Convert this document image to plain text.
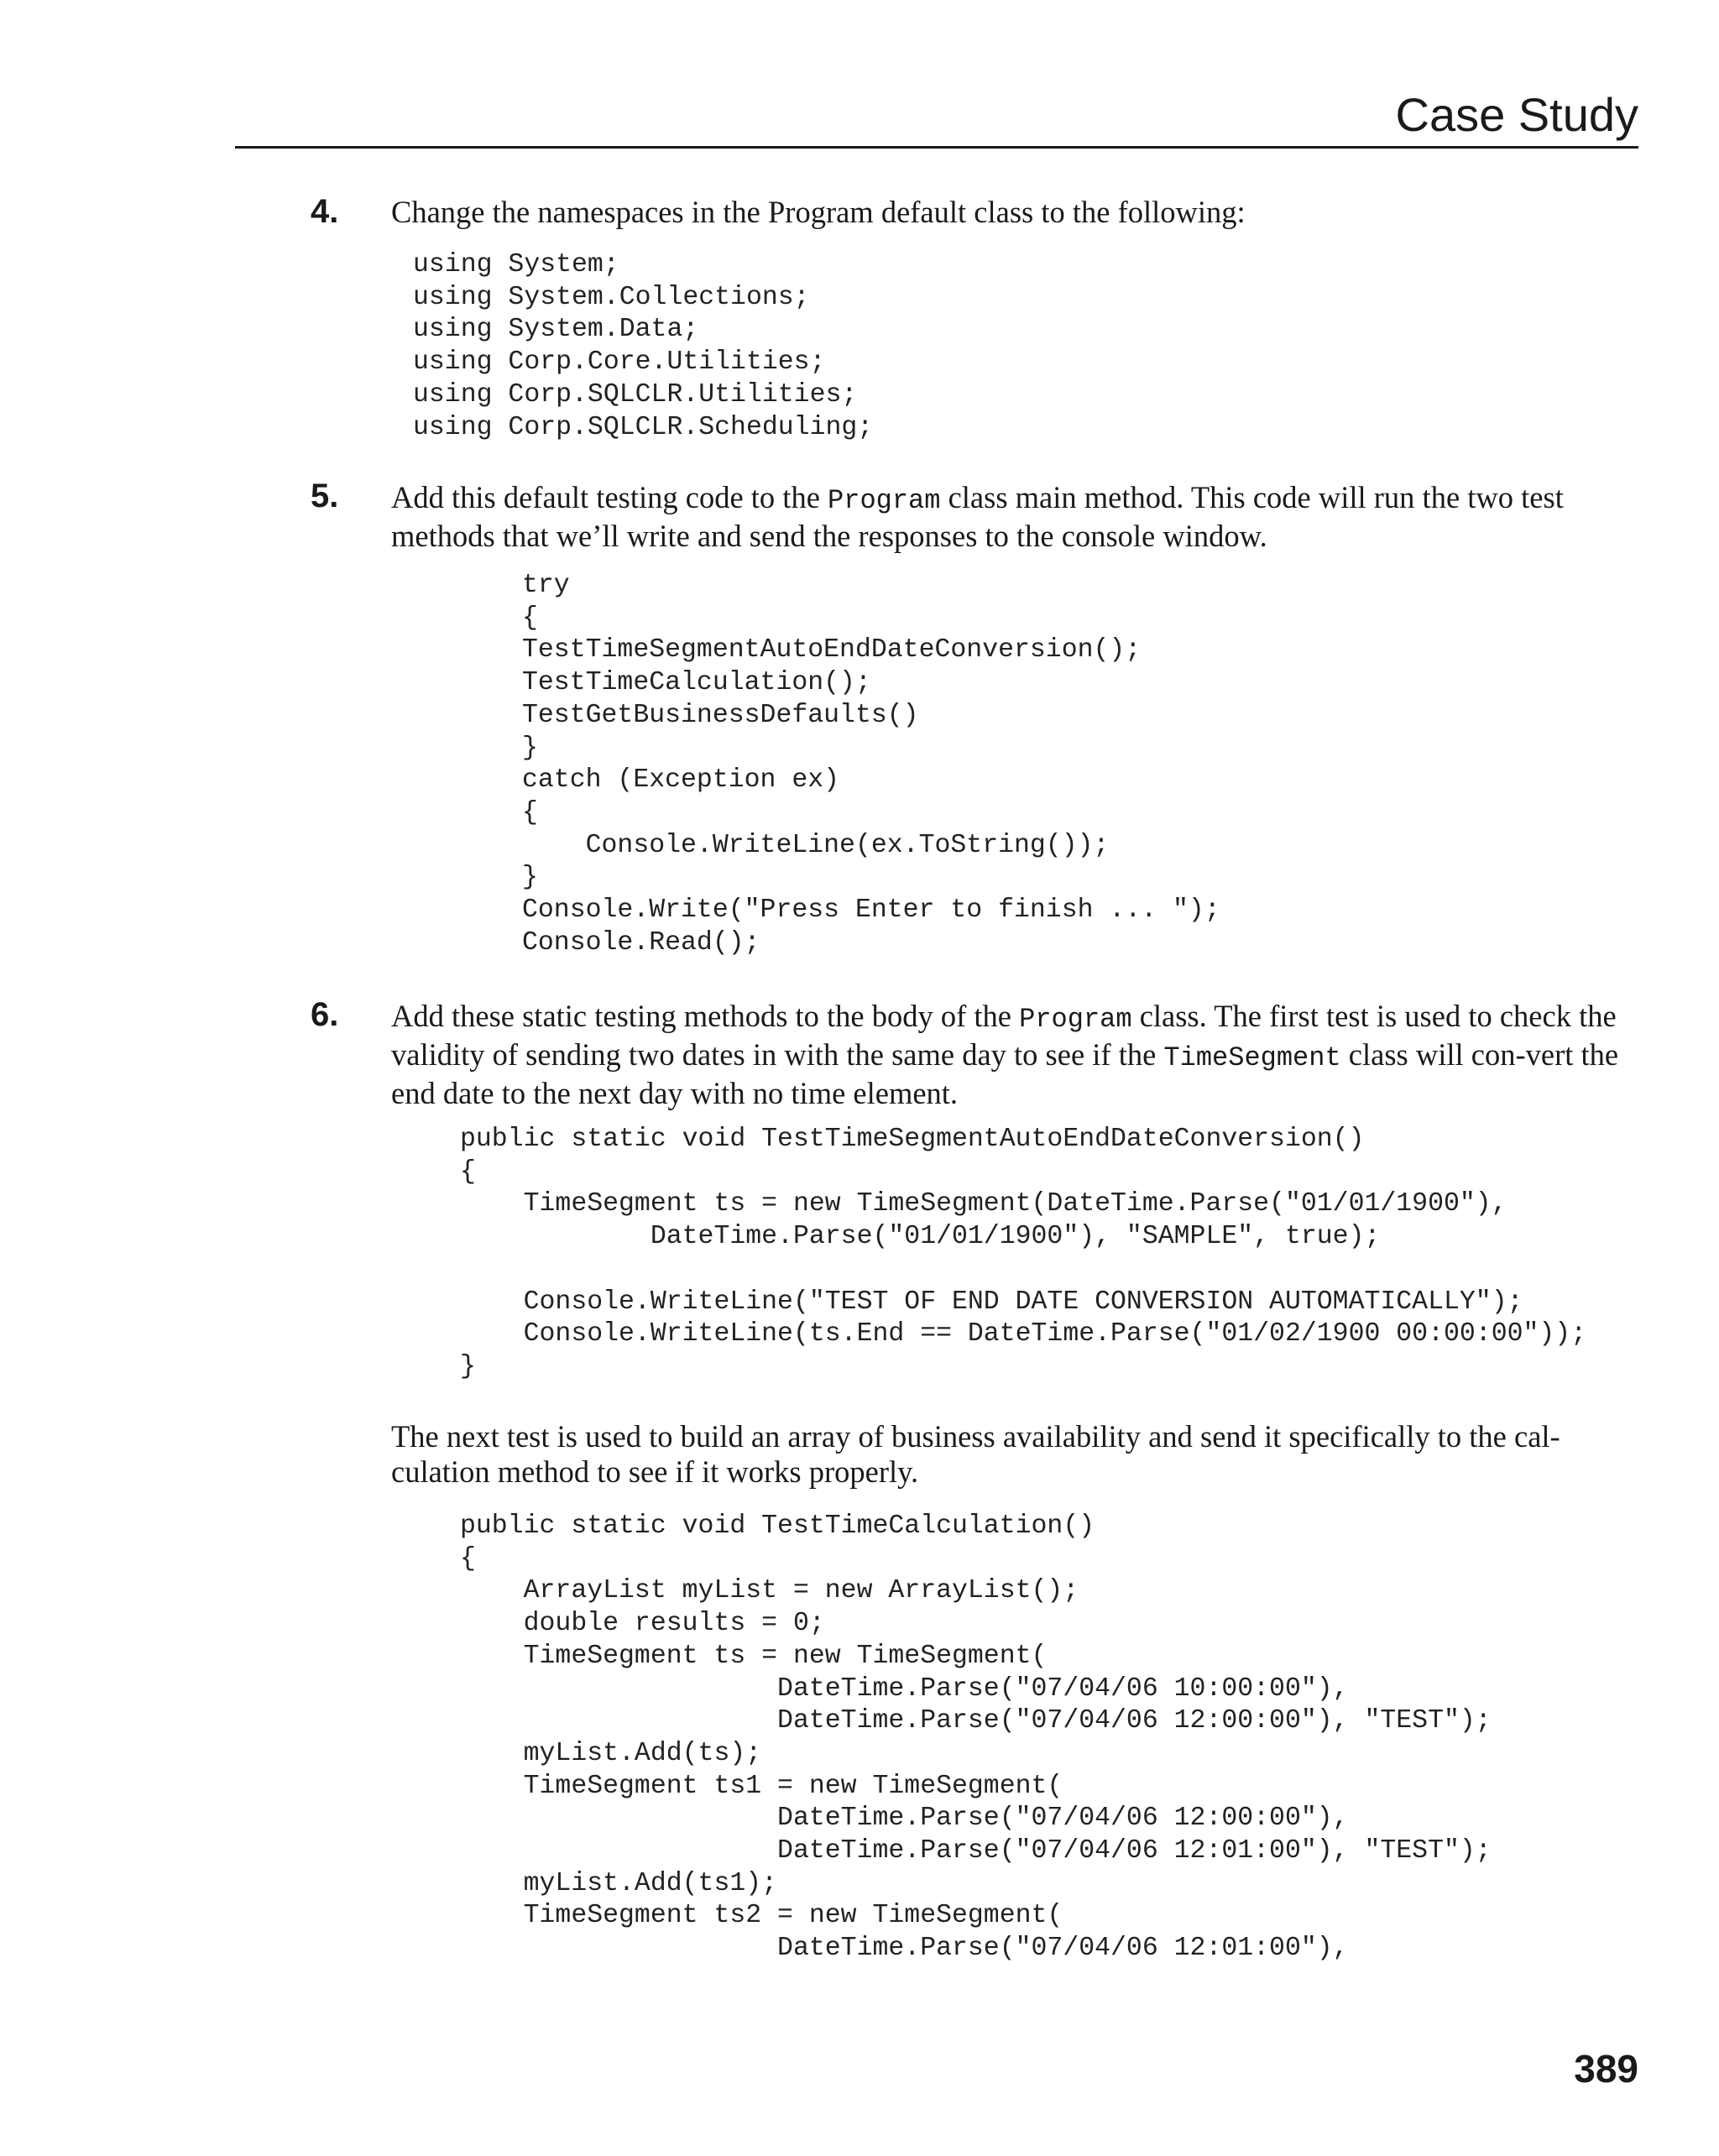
Case Study
4. Change the namespaces in the Program default class to the following:

using System;
using System.Collections;
using System.Data;
using Corp.Core.Utilities;
using Corp.SQLCLR.Utilities;
using Corp.SQLCLR.Scheduling;
5. Add this default testing code to the Program class main method. This code will run the two test methods that we’ll write and send the responses to the console window.

try
{
TestTimeSegmentAutoEndDateConversion();
TestTimeCalculation();
TestGetBusinessDefaults()
}
catch (Exception ex)
{
Console.WriteLine(ex.ToString());
}
Console.Write("Press Enter to finish ... ");
Console.Read();
6. Add these static testing methods to the body of the Program class. The first test is used to check the validity of sending two dates in with the same day to see if the TimeSegment class will con-vert the end date to the next day with no time element.

public static void TestTimeSegmentAutoEndDateConversion()
{
TimeSegment ts = new TimeSegment(DateTime.Parse("01/01/1900"),
DateTime.Parse("01/01/1900"), "SAMPLE", true);

Console.WriteLine("TEST OF END DATE CONVERSION AUTOMATICALLY");
Console.WriteLine(ts.End == DateTime.Parse("01/02/1900 00:00:00"));
}

The next test is used to build an array of business availability and send it specifically to the cal-culation method to see if it works properly.

public static void TestTimeCalculation()
{
ArrayList myList = new ArrayList();
double results = 0;
TimeSegment ts = new TimeSegment(
DateTime.Parse("07/04/06 10:00:00"),
DateTime.Parse("07/04/06 12:00:00"), "TEST");
myList.Add(ts);
TimeSegment ts1 = new TimeSegment(
DateTime.Parse("07/04/06 12:00:00"),
DateTime.Parse("07/04/06 12:01:00"), "TEST");
myList.Add(ts1);
TimeSegment ts2 = new TimeSegment(
DateTime.Parse("07/04/06 12:01:00"),
389
